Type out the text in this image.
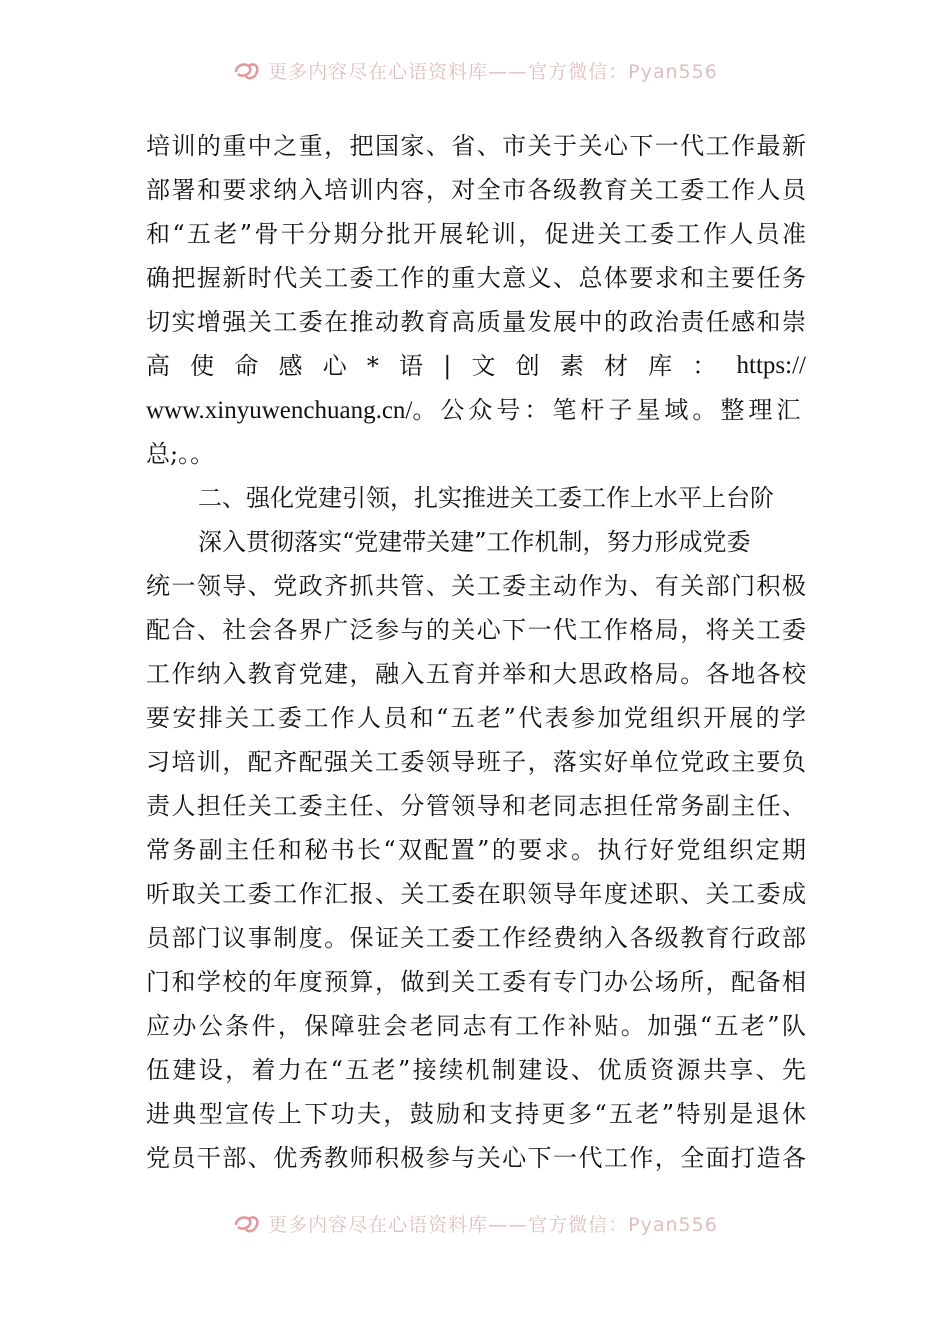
更多内容尽在心语资料库——官方微信：Pyan556
培 训 的 重 中 之 重 ， 把 国 家 、 省 、 市 关 于 关 心 下 一 代 工 作 最 新
部 署 和 要 求 纳 入 培 训 内 容 ， 对 全 市 各 级 教 育 关 工 委 工 作 人 员
和 “ 五 老 ” 骨 干 分 期 分 批 开 展 轮 训 ， 促 进 关 工 委 工 作 人 员 准
确 把 握 新 时 代 关 工 委 工 作 的 重 大 意 义 、 总 体 要 求 和 主 要 任 务
切 实 增 强 关 工 委 在 推 动 教 育 高 质 量 发 展 中 的 政 治 责 任 感 和 崇
高 使 命 感 心 * 语 | 文 创 素 材 库 ： https://
www.xinyuwenchuang.cn/。公众号：笔杆子星域。整理汇
总;。。
二、强化党建引领，扎实推进关工委工作上水平上台阶
深入贯彻落实“党建带关建”工作机制，努力形成党委
统 一 领 导 、 党 政 齐 抓 共 管 、 关 工 委 主 动 作 为 、 有 关 部 门 积 极
配 合 、 社 会 各 界 广 泛 参 与 的 关 心 下 一 代 工 作 格 局 ， 将 关 工 委
工 作 纳 入 教 育 党 建 ， 融 入 五 育 并 举 和 大 思 政 格 局 。 各 地 各 校
要 安 排 关 工 委 工 作 人 员 和 “ 五 老 ” 代 表 参 加 党 组 织 开 展 的 学
习 培 训 ， 配 齐 配 强 关 工 委 领 导 班 子 ， 落 实 好 单 位 党 政 主 要 负
责 人 担 任 关 工 委 主 任 、 分 管 领 导 和 老 同 志 担 任 常 务 副 主 任 、
常 务 副 主 任 和 秘 书 长 “ 双 配 置 ” 的 要 求 。 执 行 好 党 组 织 定 期
听 取 关 工 委 工 作 汇 报 、 关 工 委 在 职 领 导 年 度 述 职 、 关 工 委 成
员 部 门 议 事 制 度 。 保 证 关 工 委 工 作 经 费 纳 入 各 级 教 育 行 政 部
门 和 学 校 的 年 度 预 算 ， 做 到 关 工 委 有 专 门 办 公 场 所 ， 配 备 相
应 办 公 条 件 ， 保 障 驻 会 老 同 志 有 工 作 补 贴 。 加 强 “ 五 老 ” 队
伍 建 设 ， 着 力 在 “ 五 老 ” 接 续 机 制 建 设 、 优 质 资 源 共 享 、 先
进 典 型 宣 传 上 下 功 夫 ， 鼓 励 和 支 持 更 多 “ 五 老 ” 特 别 是 退 休
党 员 干 部 、 优 秀 教 师 积 极 参 与 关 心 下 一 代 工 作 ， 全 面 打 造 各
更多内容尽在心语资料库——官方微信：Pyan556
